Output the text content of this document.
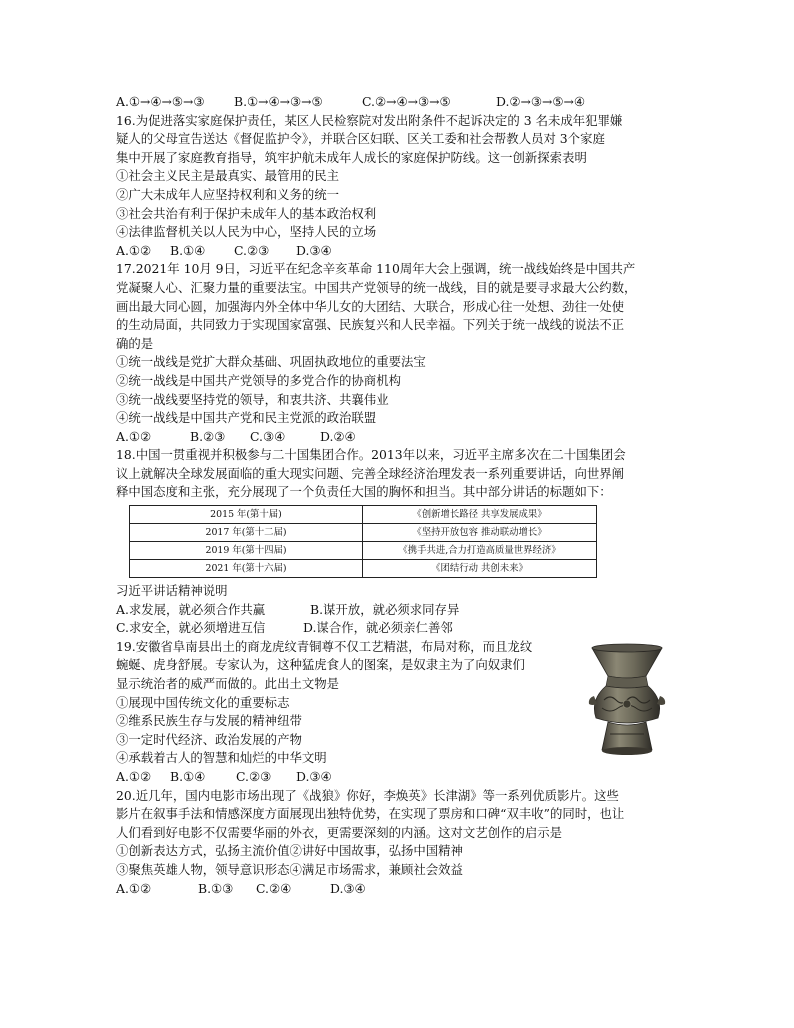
A.①→④→⑤→③	B.①→④→③→⑤	C.②→④→③→⑤	D.②→③→⑤→④
16.为促进落实家庭保护责任，某区人民检察院对发出附条件不起诉决定的 3 名未成年犯罪嫌
疑人的父母宣告送达《督促监护令》，并联合区妇联、区关工委和社会帮教人员对 3个家庭
集中开展了家庭教育指导，筑牢护航未成年人成长的家庭保护防线。这一创新探索表明
①社会主义民主是最真实、最管用的民主
②广大未成年人应坚持权利和义务的统一
③社会共治有利于保护未成年人的基本政治权利
④法律监督机关以人民为中心，坚持人民的立场
A.①②	B.①④	C.②③	D.③④
17.2021年 10月 9日，习近平在纪念辛亥革命 110周年大会上强调，统一战线始终是中国共产
党凝聚人心、汇聚力量的重要法宝。中国共产党领导的统一战线，目的就是要寻求最大公约数，
画出最大同心圆，加强海内外全体中华儿女的大团结、大联合，形成心往一处想、劲往一处使
的生动局面，共同致力于实现国家富强、民族复兴和人民幸福。下列关于统一战线的说法不正
确的是
①统一战线是党扩大群众基础、巩固执政地位的重要法宝
②统一战线是中国共产党领导的多党合作的协商机构
③统一战线要坚持党的领导，和衷共济、共襄伟业
④统一战线是中国共产党和民主党派的政治联盟
A.①②	B.②③	C.③④	D.②④
18.中国一贯重视并积极参与二十国集团合作。2013年以来，习近平主席多次在二十国集团会
议上就解决全球发展面临的重大现实问题、完善全球经济治理发表一系列重要讲话，向世界阐
释中国态度和主张，充分展现了一个负责任大国的胸怀和担当。其中部分讲话的标题如下：
2015 年(第十届)	《创新增长路径 共享发展成果》
2017 年(第十二届)	《坚持开放包容 推动联动增长》
2019 年(第十四届)	《携手共进,合力打造高质量世界经济》
2021 年(第十六届)	《团结行动 共创未来》
习近平讲话精神说明
A.求发展，就必须合作共赢	B.谋开放，就必须求同存异
C.求安全，就必须增进互信	D.谋合作，就必须亲仁善邻
19.安徽省阜南县出土的商龙虎纹青铜尊不仅工艺精湛，布局对称，而且龙纹
蜿蜒、虎身舒展。专家认为，这种猛虎食人的图案，是奴隶主为了向奴隶们
显示统治者的威严而做的。此出土文物是
①展现中国传统文化的重要标志
②维系民族生存与发展的精神纽带
③一定时代经济、政治发展的产物
④承载着古人的智慧和灿烂的中华文明
A.①②	B.①④	C.②③	D.③④
20.近几年，国内电影市场出现了《战狼》你好，李焕英》长津湖》等一系列优质影片。这些
影片在叙事手法和情感深度方面展现出独特优势，在实现了票房和口碑“双丰收”的同时，也让
人们看到好电影不仅需要华丽的外衣，更需要深刻的内涵。这对文艺创作的启示是
①创新表达方式，弘扬主流价值②讲好中国故事，弘扬中国精神
③聚焦英雄人物，领导意识形态④满足市场需求，兼顾社会效益
A.①②	B.①③	C.②④	D.③④
